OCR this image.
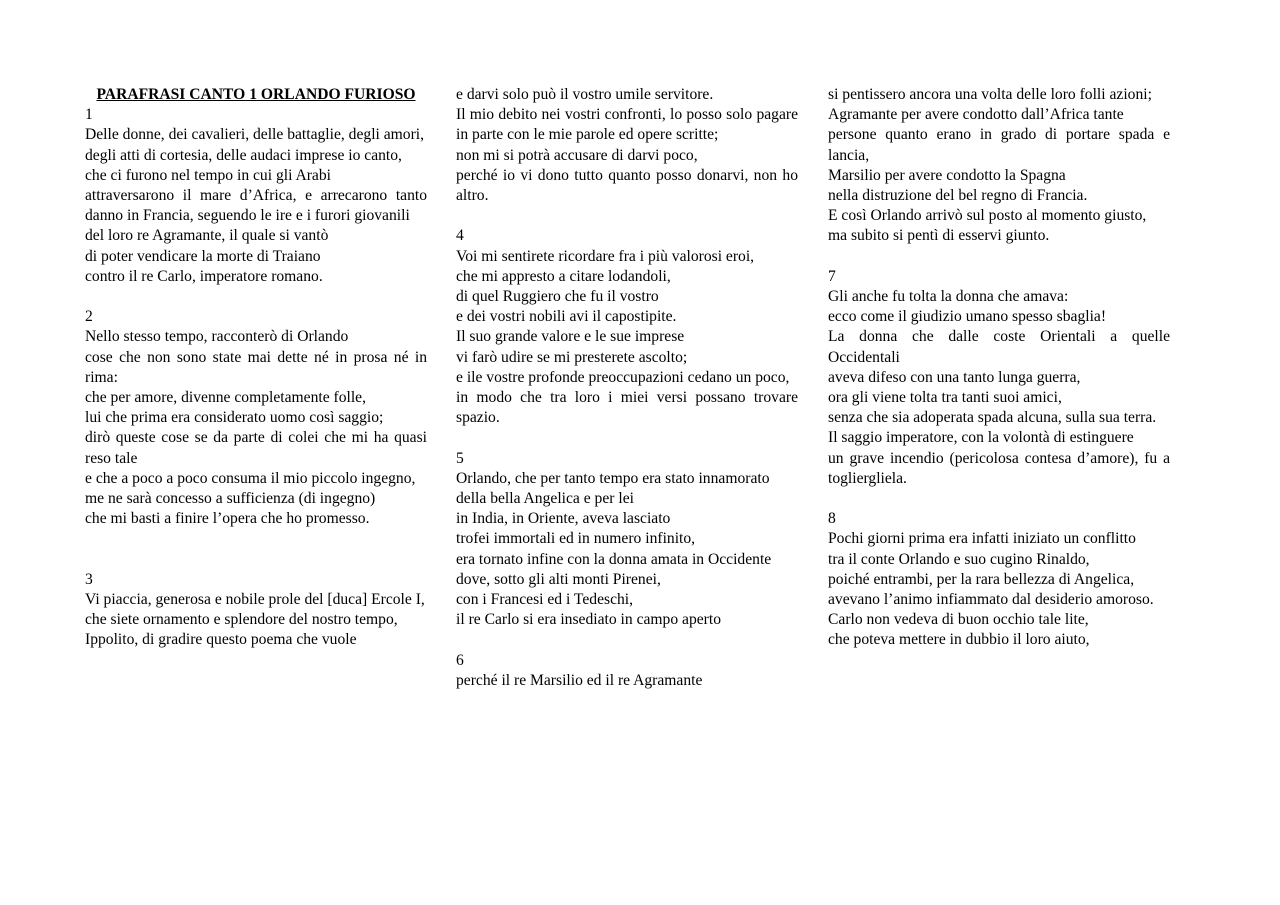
PARAFRASI CANTO 1 ORLANDO FURIOSO

1
Delle donne, dei cavalieri, delle battaglie, degli amori,
degli atti di cortesia, delle audaci imprese io canto,
che ci furono nel tempo in cui gli Arabi
attraversarono il mare d’Africa, e arrecarono tanto danno in Francia, seguendo le ire e i furori giovanili
del loro re Agramante, il quale si vantò
di poter vendicare la morte di Traiano
contro il re Carlo, imperatore romano.
2
Nello stesso tempo, racconterò di Orlando
cose che non sono state mai dette né in prosa né in rima:
che per amore, divenne completamente folle,
lui che prima era considerato uomo così saggio;
dirò queste cose se da parte di colei che mi ha quasi reso tale
e che a poco a poco consuma il mio piccolo ingegno,
me ne sarà concesso a sufficienza (di ingegno)
che mi basti a finire l’opera che ho promesso.
3
Vi piaccia, generosa e nobile prole del [duca] Ercole I,
che siete ornamento e splendore del nostro tempo,
Ippolito, di gradire questo poema che vuole
e darvi solo può il vostro umile servitore.
Il mio debito nei vostri confronti, lo posso solo pagare in parte con le mie parole ed opere scritte;
non mi si potrà accusare di darvi poco,
perché io vi dono tutto quanto posso donarvi, non ho altro.
4
Voi mi sentirete ricordare fra i più valorosi eroi,
che mi appresto a citare lodandoli,
di quel Ruggiero che fu il vostro
e dei vostri nobili avi il capostipite.
Il suo grande valore e le sue imprese
vi farò udire se mi presterete ascolto;
e ile vostre profonde preoccupazioni cedano un poco,
in modo che tra loro i miei versi possano trovare spazio.
5
Orlando, che per tanto tempo era stato innamorato
della bella Angelica e per lei
in India, in Oriente, aveva lasciato
trofei immortali ed in numero infinito,
era tornato infine con la donna amata in Occidente
dove, sotto gli alti monti Pirenei,
con i Francesi ed i Tedeschi,
il re Carlo si era insediato in campo aperto
6
perché il re Marsilio ed il re Agramante
si pentissero ancora una volta delle loro folli azioni;
Agramante per avere condotto dall’Africa tante
persone quanto erano in grado di portare spada e lancia,
Marsilio per avere condotto la Spagna
nella distruzione del bel regno di Francia.
E così Orlando arrivò sul posto al momento giusto,
ma subito si pentì di esservi giunto.
7
Gli anche fu tolta la donna che amava:
ecco come il giudizio umano spesso sbaglia!
La donna che dalle coste Orientali a quelle Occidentali
aveva difeso con una tanto lunga guerra,
ora gli viene tolta tra tanti suoi amici,
senza che sia adoperata spada alcuna, sulla sua terra.
Il saggio imperatore, con la volontà di estinguere
un grave incendio (pericolosa contesa d’amore), fu a togliergliela.
8
Pochi giorni prima era infatti iniziato un conflitto
tra il conte Orlando e suo cugino Rinaldo,
poiché entrambi, per la rara bellezza di Angelica,
avevano l’animo infiammato dal desiderio amoroso.
Carlo non vedeva di buon occhio tale lite,
che poteva mettere in dubbio il loro aiuto,
